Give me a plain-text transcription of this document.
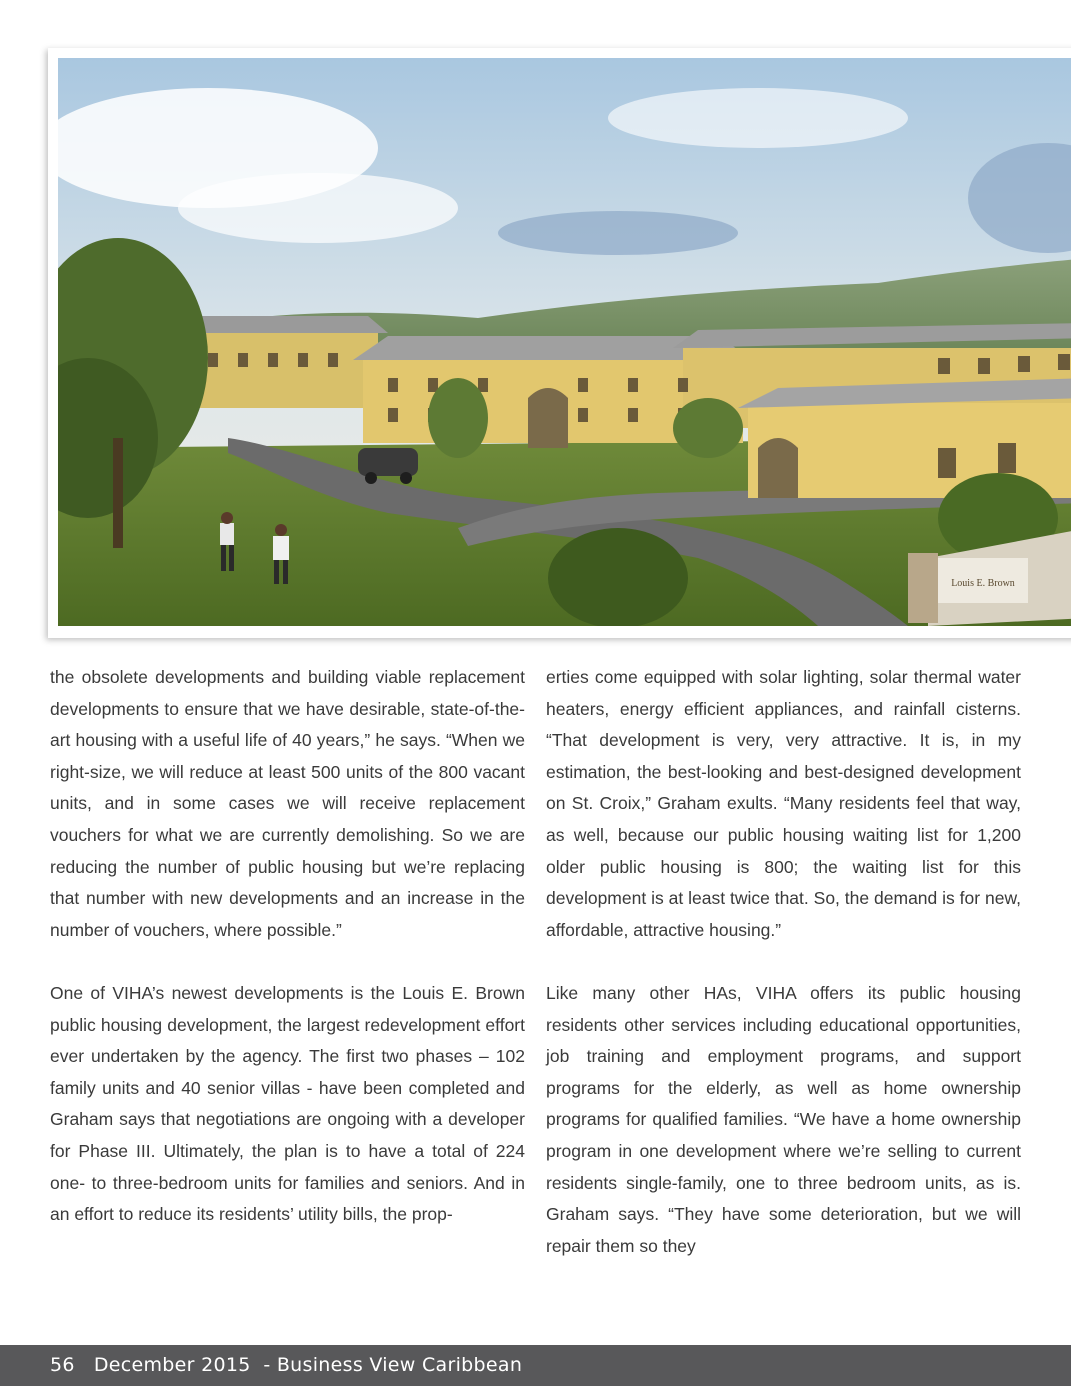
Louis E. Brown

the obsolete developments and building viable replacement developments to ensure that we have desirable, state-of-the-art housing with a useful life of 40 years,” he says. “When we right-size, we will reduce at least 500 units of the 800 vacant units, and in some cases we will receive replacement vouchers for what we are currently demolishing. So we are reducing the number of public housing but we’re replacing that number with new developments and an increase in the number of vouchers, where possible.”

One of VIHA’s newest developments is the Louis E. Brown public housing development, the largest redevelopment effort ever undertaken by the agency. The first two phases – 102 family units and 40 senior villas - have been completed and Graham says that negotiations are ongoing with a developer for Phase III. Ultimately, the plan is to have a total of 224 one- to three-bedroom units for families and seniors. And in an effort to reduce its residents’ utility bills, the prop-

erties come equipped with solar lighting, solar thermal water heaters, energy efficient appliances, and rainfall cisterns. “That development is very, very attractive. It is, in my estimation, the best-looking and best-designed development on St. Croix,” Graham exults. “Many residents feel that way, as well, because our public housing waiting list for 1,200 older public housing is 800; the waiting list for this development is at least twice that. So, the demand is for new, affordable, attractive housing.”

Like many other HAs, VIHA offers its public housing residents other services including educational opportunities, job training and employment programs, and support programs for the elderly, as well as home ownership programs for qualified families. “We have a home ownership program in one development where we’re selling to current residents single-family, one to three bedroom units, as is. Graham says. “They have some deterioration, but we will repair them so they

56 December 2015 - Business View Caribbean
